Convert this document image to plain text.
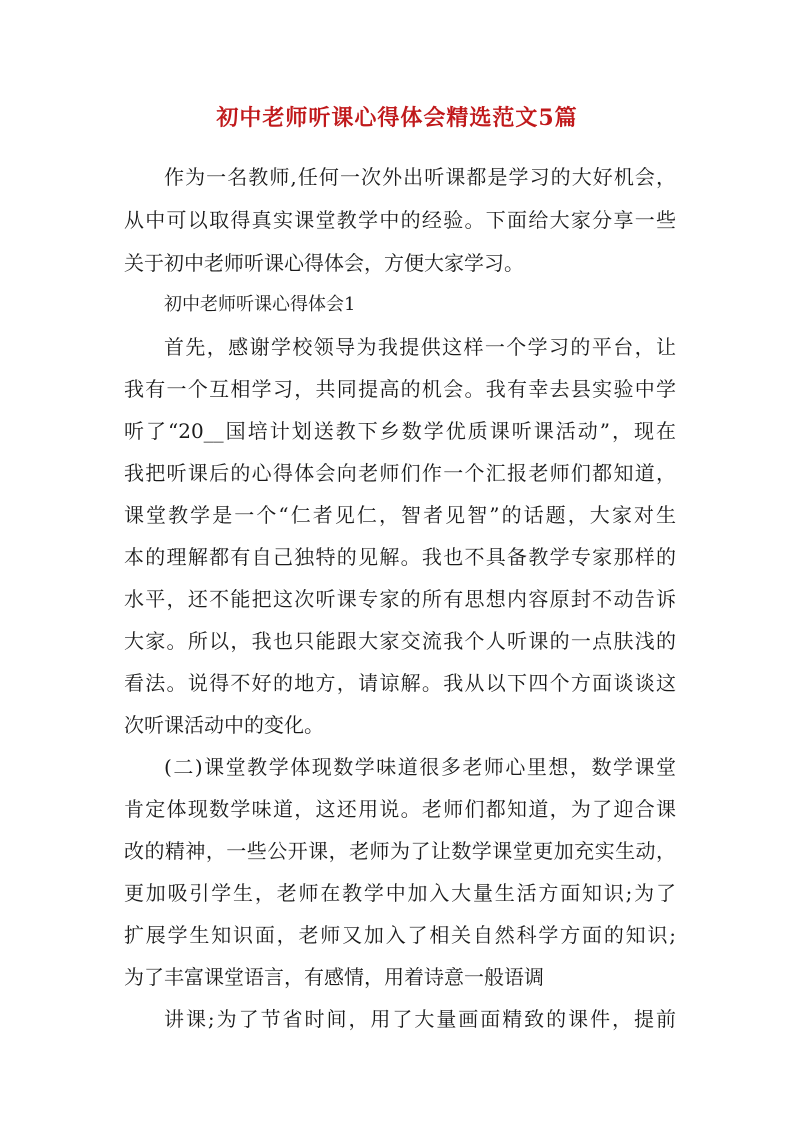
初中老师听课心得体会精选范文5篇
作为一名教师,任何一次外出听课都是学习的大好机会，
从中可以取得真实课堂教学中的经验。下面给大家分享一些
关于初中老师听课心得体会，方便大家学习。
初中老师听课心得体会1
首先，感谢学校领导为我提供这样一个学习的平台，让
我有一个互相学习，共同提高的机会。我有幸去县实验中学
听了“20__国培计划送教下乡数学优质课听课活动”，现在
我把听课后的心得体会向老师们作一个汇报老师们都知道，
课堂教学是一个“仁者见仁，智者见智”的话题，大家对生
本的理解都有自己独特的见解。我也不具备教学专家那样的
水平，还不能把这次听课专家的所有思想内容原封不动告诉
大家。所以，我也只能跟大家交流我个人听课的一点肤浅的
看法。说得不好的地方，请谅解。我从以下四个方面谈谈这
次听课活动中的变化。
(二)课堂教学体现数学味道很多老师心里想，数学课堂
肯定体现数学味道，这还用说。老师们都知道，为了迎合课
改的精神，一些公开课，老师为了让数学课堂更加充实生动，
更加吸引学生，老师在教学中加入大量生活方面知识;为了
扩展学生知识面，老师又加入了相关自然科学方面的知识;
为了丰富课堂语言，有感情，用着诗意一般语调
讲课;为了节省时间，用了大量画面精致的课件，提前
